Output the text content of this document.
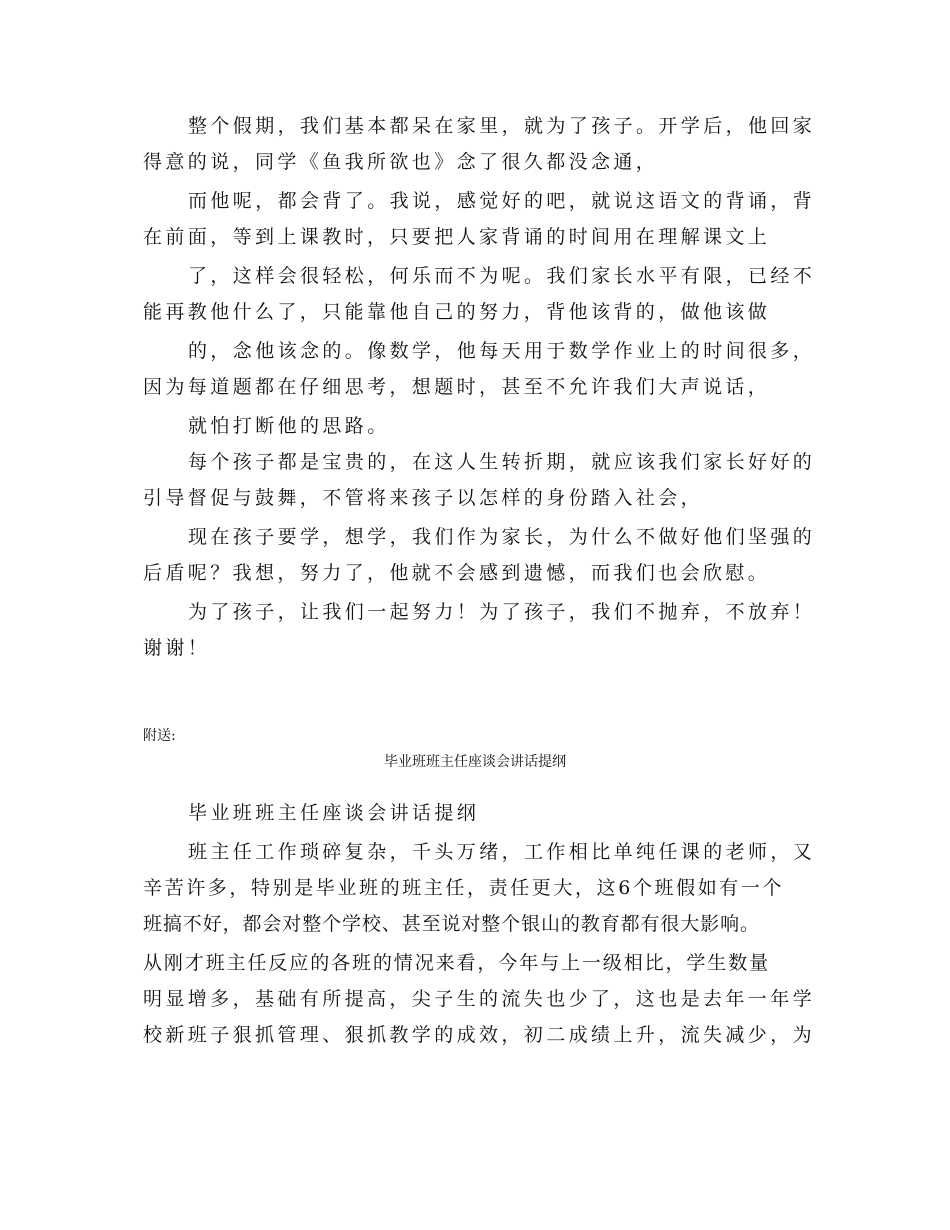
整个假期，我们基本都呆在家里，就为了孩子。开学后，他回家
得意的说，同学《鱼我所欲也》念了很久都没念通，
而他呢，都会背了。我说，感觉好的吧，就说这语文的背诵，背
在前面，等到上课教时，只要把人家背诵的时间用在理解课文上
了，这样会很轻松，何乐而不为呢。我们家长水平有限，已经不
能再教他什么了，只能靠他自己的努力，背他该背的，做他该做
的，念他该念的。像数学，他每天用于数学作业上的时间很多，
因为每道题都在仔细思考，想题时，甚至不允许我们大声说话，
就怕打断他的思路。
每个孩子都是宝贵的，在这人生转折期，就应该我们家长好好的
引导督促与鼓舞，不管将来孩子以怎样的身份踏入社会，
现在孩子要学，想学，我们作为家长，为什么不做好他们坚强的
后盾呢？我想，努力了，他就不会感到遗憾，而我们也会欣慰。
为了孩子，让我们一起努力！为了孩子，我们不抛弃，不放弃！
谢谢！
附送:
毕业班班主任座谈会讲话提纲
毕业班班主任座谈会讲话提纲
班主任工作琐碎复杂，千头万绪，工作相比单纯任课的老师，又
辛苦许多，特别是毕业班的班主任，责任更大，这6个班假如有一个
班搞不好，都会对整个学校、甚至说对整个银山的教育都有很大影响。
从刚才班主任反应的各班的情况来看，今年与上一级相比，学生数量
明显增多，基础有所提高，尖子生的流失也少了，这也是去年一年学
校新班子狠抓管理、狠抓教学的成效，初二成绩上升，流失减少，为
